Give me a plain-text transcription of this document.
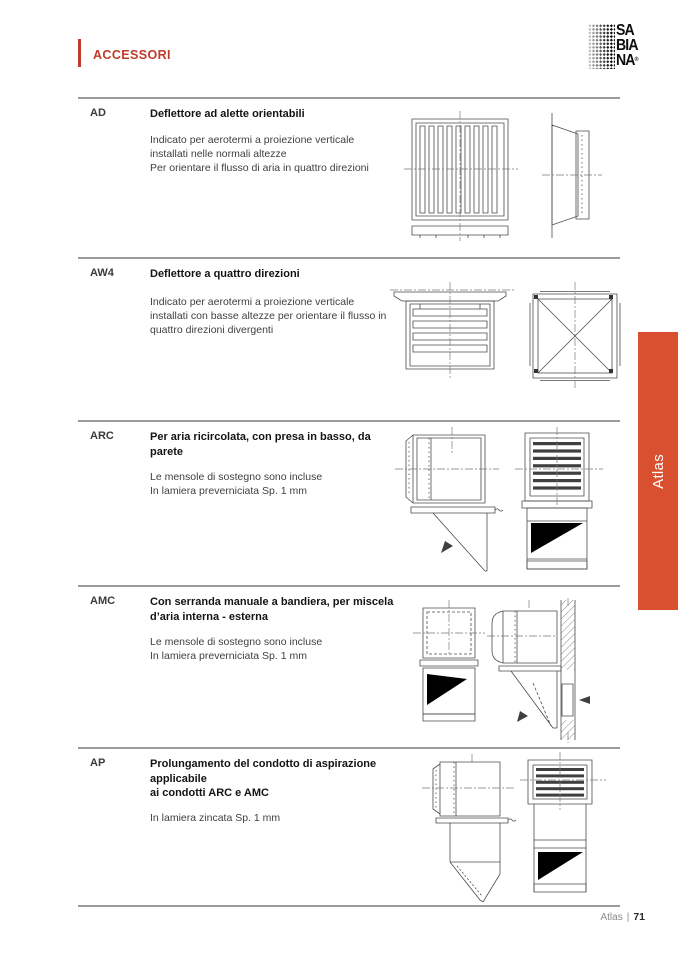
ACCESSORI
SA
BIA
NA®
AD	Deflettore ad alette orientabili
Indicato per aerotermi a proiezione verticale
installati nelle normali altezze
Per orientare il flusso di aria in quattro direzioni
AW4	Deflettore a quattro direzioni
Indicato per aerotermi a proiezione verticale
installati con basse altezze per orientare il flusso in
quattro direzioni divergenti
ARC	Per aria ricircolata, con presa in basso, da
parete
Le mensole di sostegno sono incluse
In lamiera preverniciata Sp. 1 mm
AMC	Con serranda manuale a bandiera, per miscela
d’aria interna - esterna
Le mensole di sostegno sono incluse
In lamiera preverniciata Sp. 1 mm
AP	Prolungamento del condotto di aspirazione
applicabile
ai condotti ARC e AMC
In lamiera zincata Sp. 1 mm
Atlas
Atlas | 71
